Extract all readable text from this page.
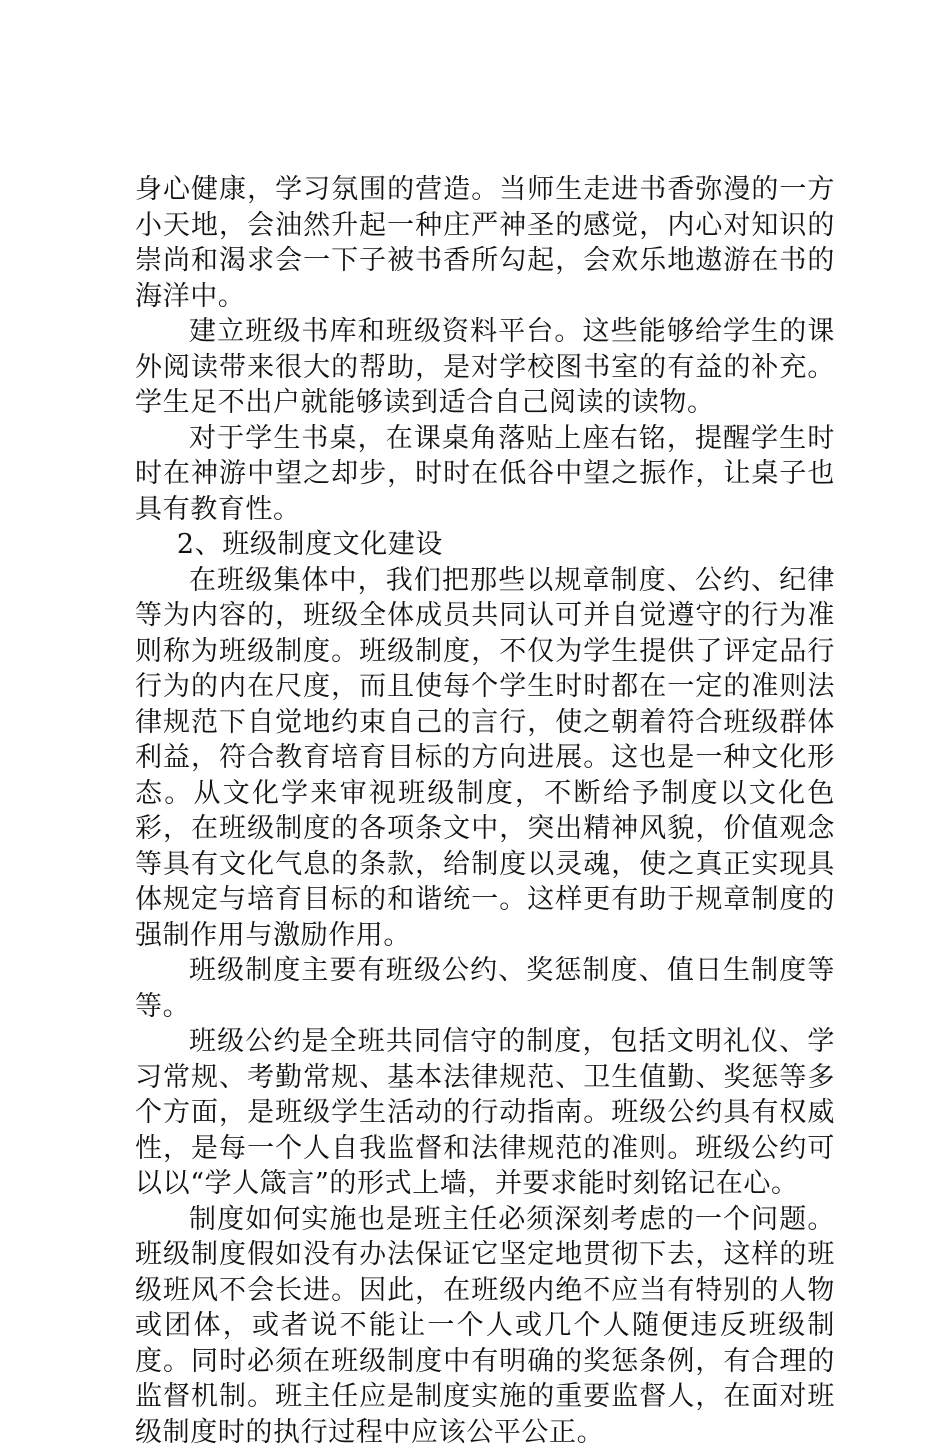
身心健康，学习氛围的营造。当师生走进书香弥漫的一方小天地，会油然升起一种庄严神圣的感觉，内心对知识的崇尚和渴求会一下子被书香所勾起，会欢乐地遨游在书的海洋中。

建立班级书库和班级资料平台。这些能够给学生的课外阅读带来很大的帮助，是对学校图书室的有益的补充。学生足不出户就能够读到适合自己阅读的读物。

对于学生书桌，在课桌角落贴上座右铭，提醒学生时时在神游中望之却步，时时在低谷中望之振作，让桌子也具有教育性。

2、班级制度文化建设

在班级集体中，我们把那些以规章制度、公约、纪律等为内容的，班级全体成员共同认可并自觉遵守的行为准则称为班级制度。班级制度，不仅为学生提供了评定品行行为的内在尺度，而且使每个学生时时都在一定的准则法律规范下自觉地约束自己的言行，使之朝着符合班级群体利益，符合教育培育目标的方向进展。这也是一种文化形态。从文化学来审视班级制度，不断给予制度以文化色彩，在班级制度的各项条文中，突出精神风貌，价值观念等具有文化气息的条款，给制度以灵魂，使之真正实现具体规定与培育目标的和谐统一。这样更有助于规章制度的强制作用与激励作用。

班级制度主要有班级公约、奖惩制度、值日生制度等等。

班级公约是全班共同信守的制度，包括文明礼仪、学习常规、考勤常规、基本法律规范、卫生值勤、奖惩等多个方面，是班级学生活动的行动指南。班级公约具有权威性，是每一个人自我监督和法律规范的准则。班级公约可以以“学人箴言”的形式上墙，并要求能时刻铭记在心。

制度如何实施也是班主任必须深刻考虑的一个问题。班级制度假如没有办法保证它坚定地贯彻下去，这样的班级班风不会长进。因此，在班级内绝不应当有特别的人物或团体，或者说不能让一个人或几个人随便违反班级制度。同时必须在班级制度中有明确的奖惩条例，有合理的监督机制。班主任应是制度实施的重要监督人，在面对班级制度时的执行过程中应该公平公正。
